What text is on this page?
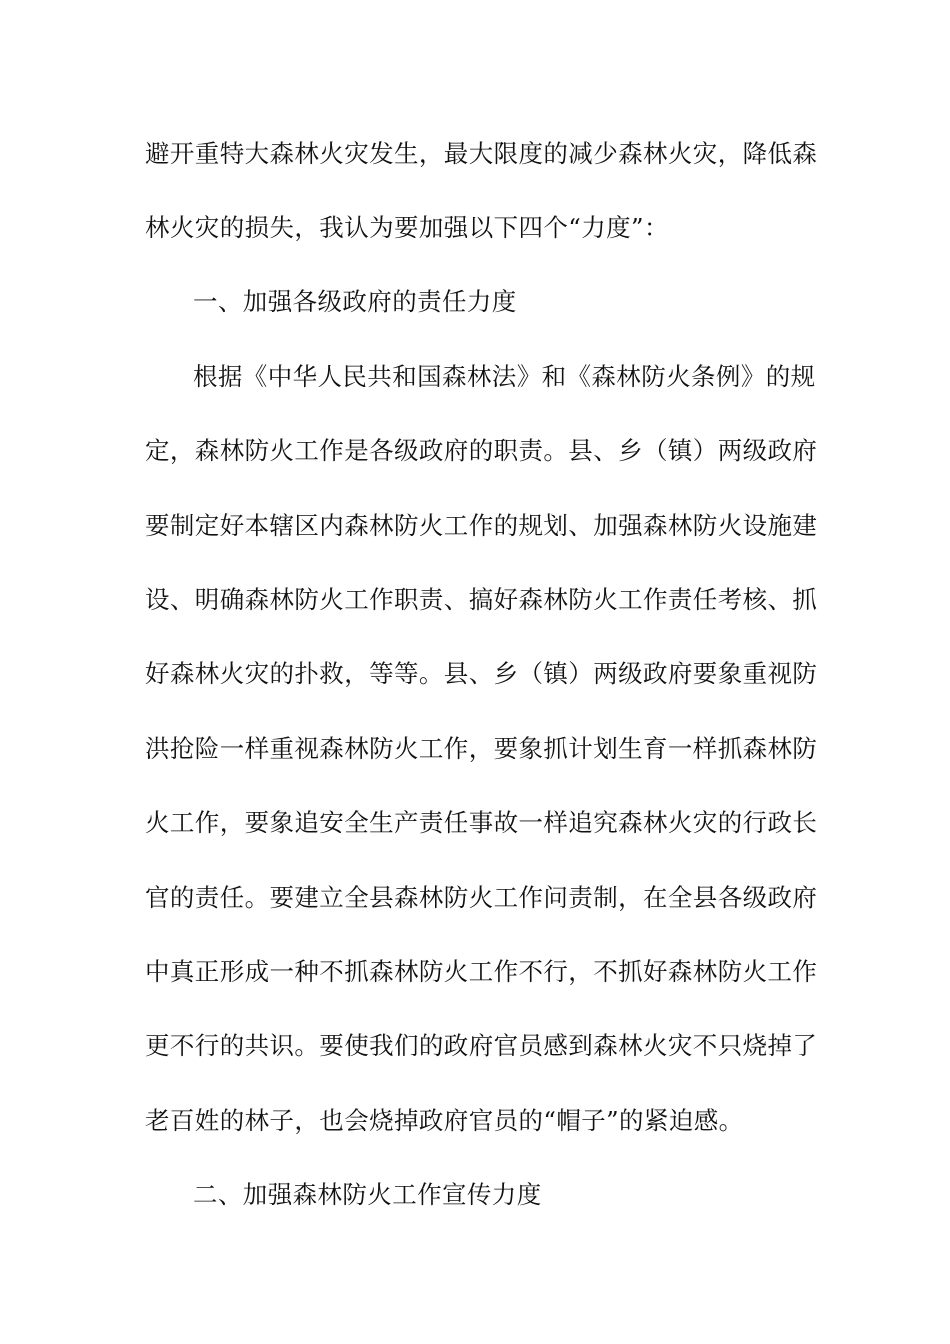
避开重特大森林火灾发生，最大限度的减少森林火灾，降低森
林火灾的损失，我认为要加强以下四个“力度”：
一、加强各级政府的责任力度
根据《中华人民共和国森林法》和《森林防火条例》的规
定，森林防火工作是各级政府的职责。县、乡（镇）两级政府
要制定好本辖区内森林防火工作的规划、加强森林防火设施建
设、明确森林防火工作职责、搞好森林防火工作责任考核、抓
好森林火灾的扑救，等等。县、乡（镇）两级政府要象重视防
洪抢险一样重视森林防火工作，要象抓计划生育一样抓森林防
火工作，要象追安全生产责任事故一样追究森林火灾的行政长
官的责任。要建立全县森林防火工作问责制，在全县各级政府
中真正形成一种不抓森林防火工作不行，不抓好森林防火工作
更不行的共识。要使我们的政府官员感到森林火灾不只烧掉了
老百姓的林子，也会烧掉政府官员的“帽子”的紧迫感。
二、加强森林防火工作宣传力度
